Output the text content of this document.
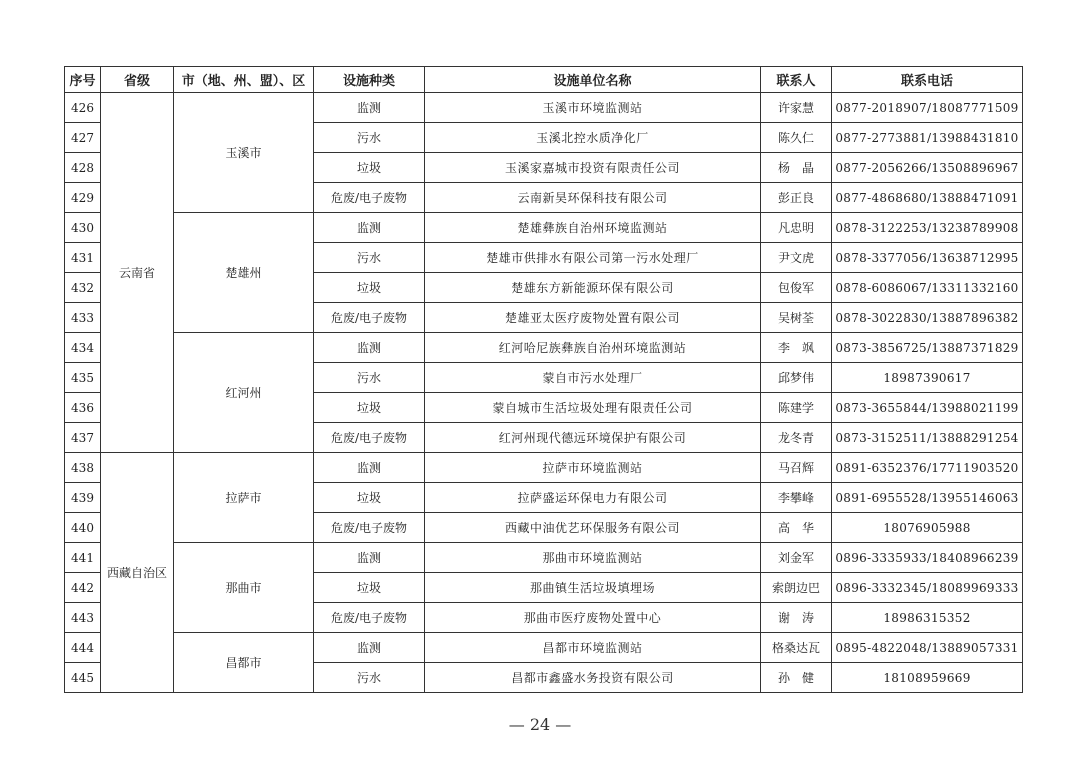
序号	省级	市（地、州、盟）、区	设施种类	设施单位名称	联系人	联系电话
426	云南省	玉溪市	监测	玉溪市环境监测站	许家慧	0877-2018907/18087771509
427			污水	玉溪北控水质净化厂	陈久仁	0877-2773881/13988431810
428			垃圾	玉溪家嘉城市投资有限责任公司	杨　晶	0877-2056266/13508896967
429			危废/电子废物	云南新昊环保科技有限公司	彭正良	0877-4868680/13888471091
430		楚雄州	监测	楚雄彝族自治州环境监测站	凡忠明	0878-3122253/13238789908
431			污水	楚雄市供排水有限公司第一污水处理厂	尹文虎	0878-3377056/13638712995
432			垃圾	楚雄东方新能源环保有限公司	包俊军	0878-6086067/13311332160
433			危废/电子废物	楚雄亚太医疗废物处置有限公司	吴树荃	0878-3022830/13887896382
434		红河州	监测	红河哈尼族彝族自治州环境监测站	李　飒	0873-3856725/13887371829
435			污水	蒙自市污水处理厂	邱梦伟	18987390617
436			垃圾	蒙自城市生活垃圾处理有限责任公司	陈建学	0873-3655844/13988021199
437			危废/电子废物	红河州现代德远环境保护有限公司	龙冬青	0873-3152511/13888291254
438	西藏自治区	拉萨市	监测	拉萨市环境监测站	马召辉	0891-6352376/17711903520
439			垃圾	拉萨盛运环保电力有限公司	李攀峰	0891-6955528/13955146063
440			危废/电子废物	西藏中油优艺环保服务有限公司	高　华	18076905988
441		那曲市	监测	那曲市环境监测站	刘金军	0896-3335933/18408966239
442			垃圾	那曲镇生活垃圾填埋场	索朗边巴	0896-3332345/18089969333
443			危废/电子废物	那曲市医疗废物处置中心	谢　涛	18986315352
444		昌都市	监测	昌都市环境监测站	格桑达瓦	0895-4822048/13889057331
445			污水	昌都市鑫盛水务投资有限公司	孙　健	18108959669
— 24 —
